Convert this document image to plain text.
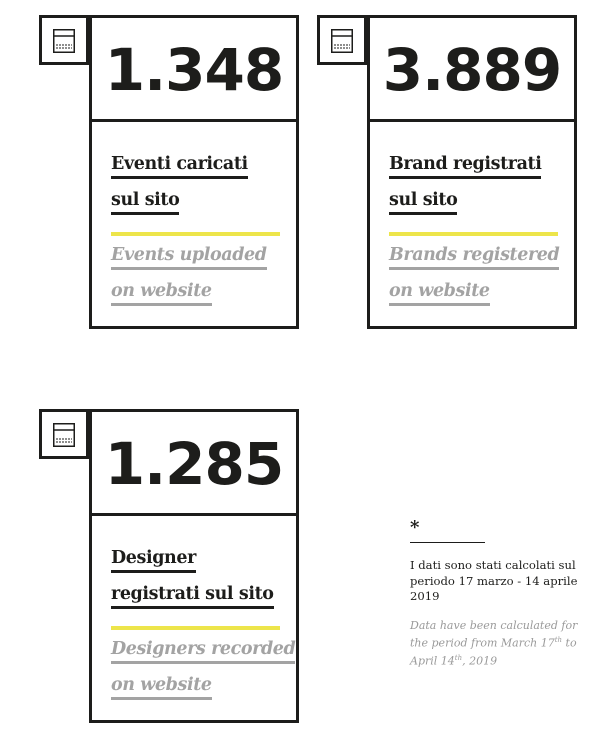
1.348
Eventi caricati
sul sito
Events uploaded
on website
3.889
Brand registrati
sul sito
Brands registered
on website
1.285
Designer
registrati sul sito
Designers recorded
on website
*
I dati sono stati calcolati sul periodo 17 marzo - 14 aprile 2019
Data have been calculated for the period from March 17th to April 14th, 2019
